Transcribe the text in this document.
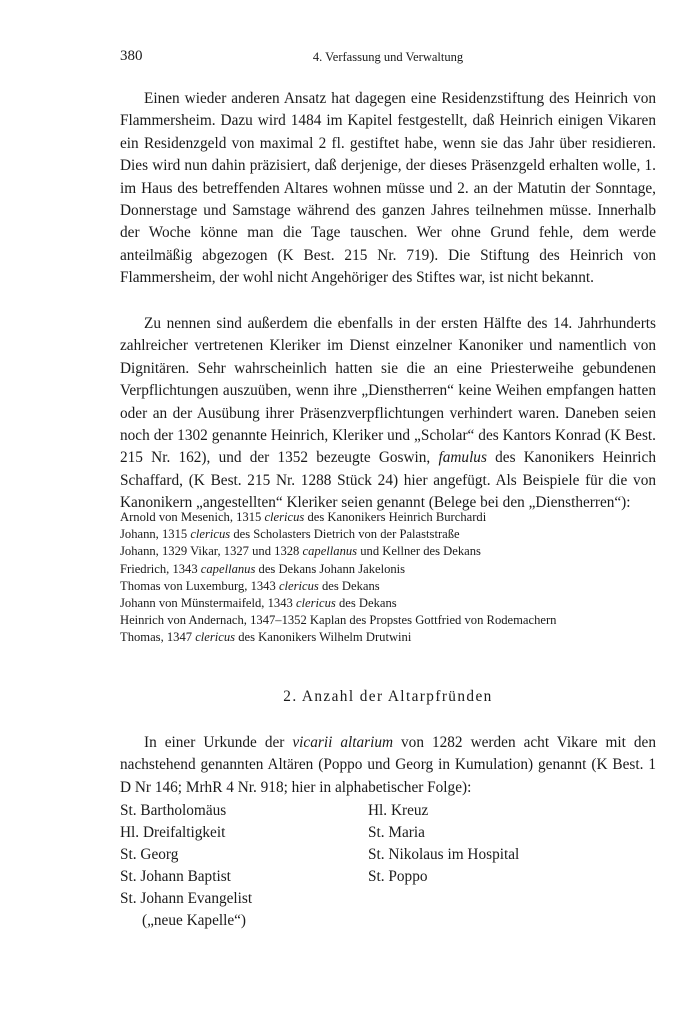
380	4. Verfassung und Verwaltung

Einen wieder anderen Ansatz hat dagegen eine Residenzstiftung des Heinrich von Flammersheim. Dazu wird 1484 im Kapitel festgestellt, daß Heinrich einigen Vikaren ein Residenzgeld von maximal 2 fl. gestiftet habe, wenn sie das Jahr über residieren. Dies wird nun dahin präzisiert, daß derjenige, der dieses Präsenzgeld erhalten wolle, 1. im Haus des betreffenden Altares wohnen müsse und 2. an der Matutin der Sonntage, Donnerstage und Samstage während des ganzen Jahres teilnehmen müsse. Innerhalb der Woche könne man die Tage tauschen. Wer ohne Grund fehle, dem werde anteilmäßig abgezogen (K Best. 215 Nr. 719). Die Stiftung des Heinrich von Flammersheim, der wohl nicht Angehöriger des Stiftes war, ist nicht bekannt.

Zu nennen sind außerdem die ebenfalls in der ersten Hälfte des 14. Jahrhunderts zahlreicher vertretenen Kleriker im Dienst einzelner Kanoniker und namentlich von Dignitären. Sehr wahrscheinlich hatten sie die an eine Priesterweihe gebundenen Verpflichtungen auszuüben, wenn ihre „Dienstherren“ keine Weihen empfangen hatten oder an der Ausübung ihrer Präsenzverpflichtungen verhindert waren. Daneben seien noch der 1302 genannte Heinrich, Kleriker und „Scholar“ des Kantors Konrad (K Best. 215 Nr. 162), und der 1352 bezeugte Goswin, famulus des Kanonikers Heinrich Schaffard, (K Best. 215 Nr. 1288 Stück 24) hier angefügt. Als Beispiele für die von Kanonikern „angestellten“ Kleriker seien genannt (Belege bei den „Dienstherren“):

Arnold von Mesenich, 1315 clericus des Kanonikers Heinrich Burchardi
Johann, 1315 clericus des Scholasters Dietrich von der Palaststraße
Johann, 1329 Vikar, 1327 und 1328 capellanus und Kellner des Dekans
Friedrich, 1343 capellanus des Dekans Johann Jakelonis
Thomas von Luxemburg, 1343 clericus des Dekans
Johann von Münstermaifeld, 1343 clericus des Dekans
Heinrich von Andernach, 1347–1352 Kaplan des Propstes Gottfried von Rodemachern
Thomas, 1347 clericus des Kanonikers Wilhelm Drutwini
2. Anzahl der Altarpfründen

In einer Urkunde der vicarii altarium von 1282 werden acht Vikare mit den nachstehend genannten Altären (Poppo und Georg in Kumulation) genannt (K Best. 1 D Nr 146; MrhR 4 Nr. 918; hier in alphabetischer Folge):

St. Bartholomäus
Hl. Dreifaltigkeit
St. Georg
St. Johann Baptist
St. Johann Evangelist
(„neue Kapelle“)
Hl. Kreuz
St. Maria
St. Nikolaus im Hospital
St. Poppo
